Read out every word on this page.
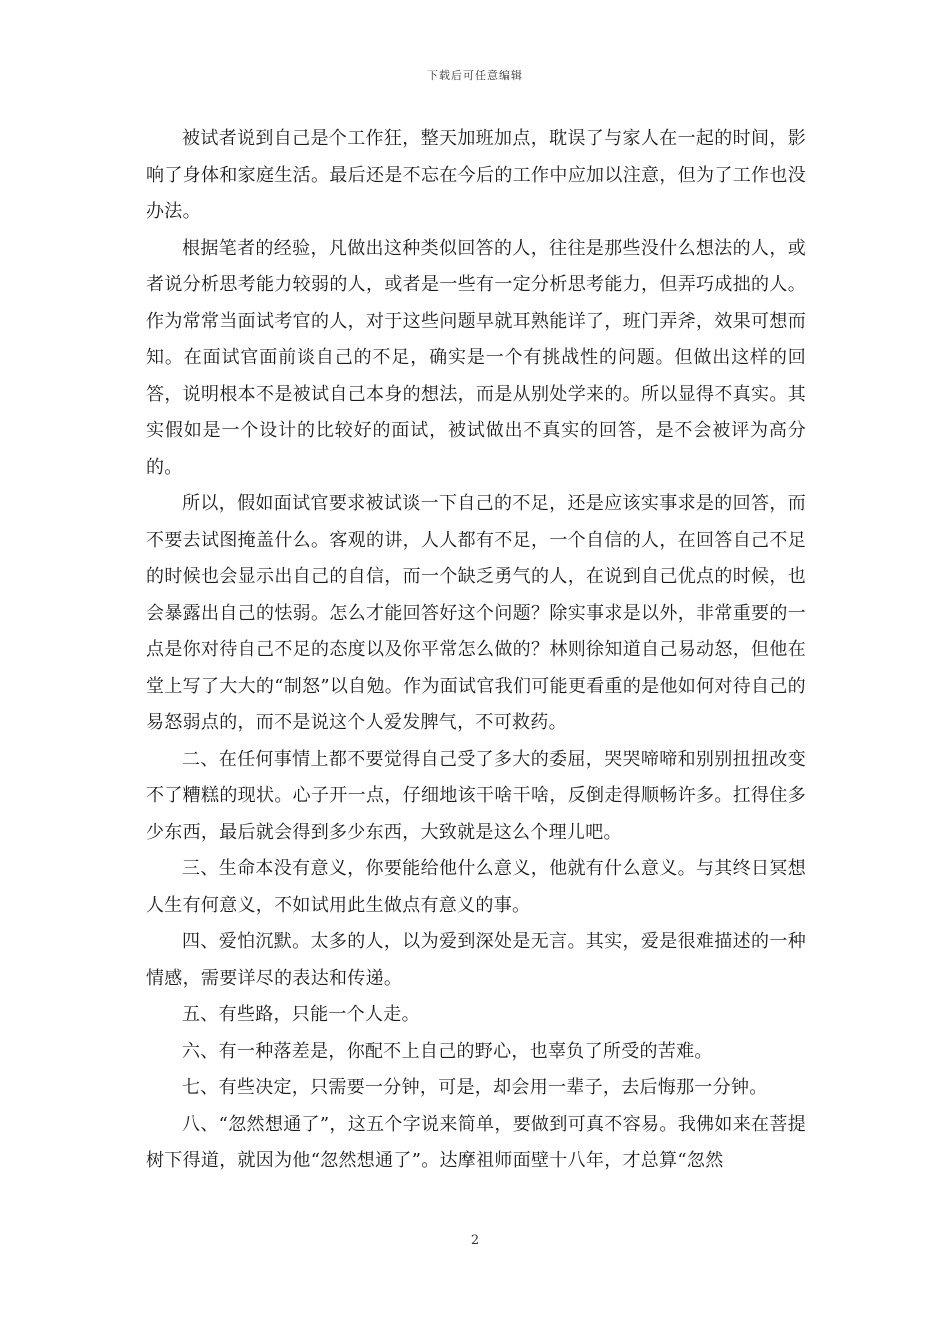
下载后可任意编辑

被试者说到自己是个工作狂，整天加班加点，耽误了与家人在一起的时间，影响了身体和家庭生活。最后还是不忘在今后的工作中应加以注意，但为了工作也没办法。

根据笔者的经验，凡做出这种类似回答的人，往往是那些没什么想法的人，或者说分析思考能力较弱的人，或者是一些有一定分析思考能力，但弄巧成拙的人。作为常常当面试考官的人，对于这些问题早就耳熟能详了，班门弄斧，效果可想而知。在面试官面前谈自己的不足，确实是一个有挑战性的问题。但做出这样的回答，说明根本不是被试自己本身的想法，而是从别处学来的。所以显得不真实。其实假如是一个设计的比较好的面试，被试做出不真实的回答，是不会被评为高分的。

所以，假如面试官要求被试谈一下自己的不足，还是应该实事求是的回答，而不要去试图掩盖什么。客观的讲，人人都有不足，一个自信的人，在回答自己不足的时候也会显示出自己的自信，而一个缺乏勇气的人，在说到自己优点的时候，也会暴露出自己的怯弱。怎么才能回答好这个问题？除实事求是以外，非常重要的一点是你对待自己不足的态度以及你平常怎么做的？林则徐知道自己易动怒，但他在堂上写了大大的“制怒”以自勉。作为面试官我们可能更看重的是他如何对待自己的易怒弱点的，而不是说这个人爱发脾气，不可救药。

二、在任何事情上都不要觉得自己受了多大的委屈，哭哭啼啼和别别扭扭改变不了糟糕的现状。心子开一点，仔细地该干啥干啥，反倒走得顺畅许多。扛得住多少东西，最后就会得到多少东西，大致就是这么个理儿吧。

三、生命本没有意义，你要能给他什么意义，他就有什么意义。与其终日冥想人生有何意义，不如试用此生做点有意义的事。

四、爱怕沉默。太多的人，以为爱到深处是无言。其实，爱是很难描述的一种情感，需要详尽的表达和传递。

五、有些路，只能一个人走。

六、有一种落差是，你配不上自己的野心，也辜负了所受的苦难。

七、有些决定，只需要一分钟，可是，却会用一辈子，去后悔那一分钟。

八、“忽然想通了”，这五个字说来简单，要做到可真不容易。我佛如来在菩提树下得道，就因为他“忽然想通了”。达摩祖师面壁十八年，才总算“忽然

2
